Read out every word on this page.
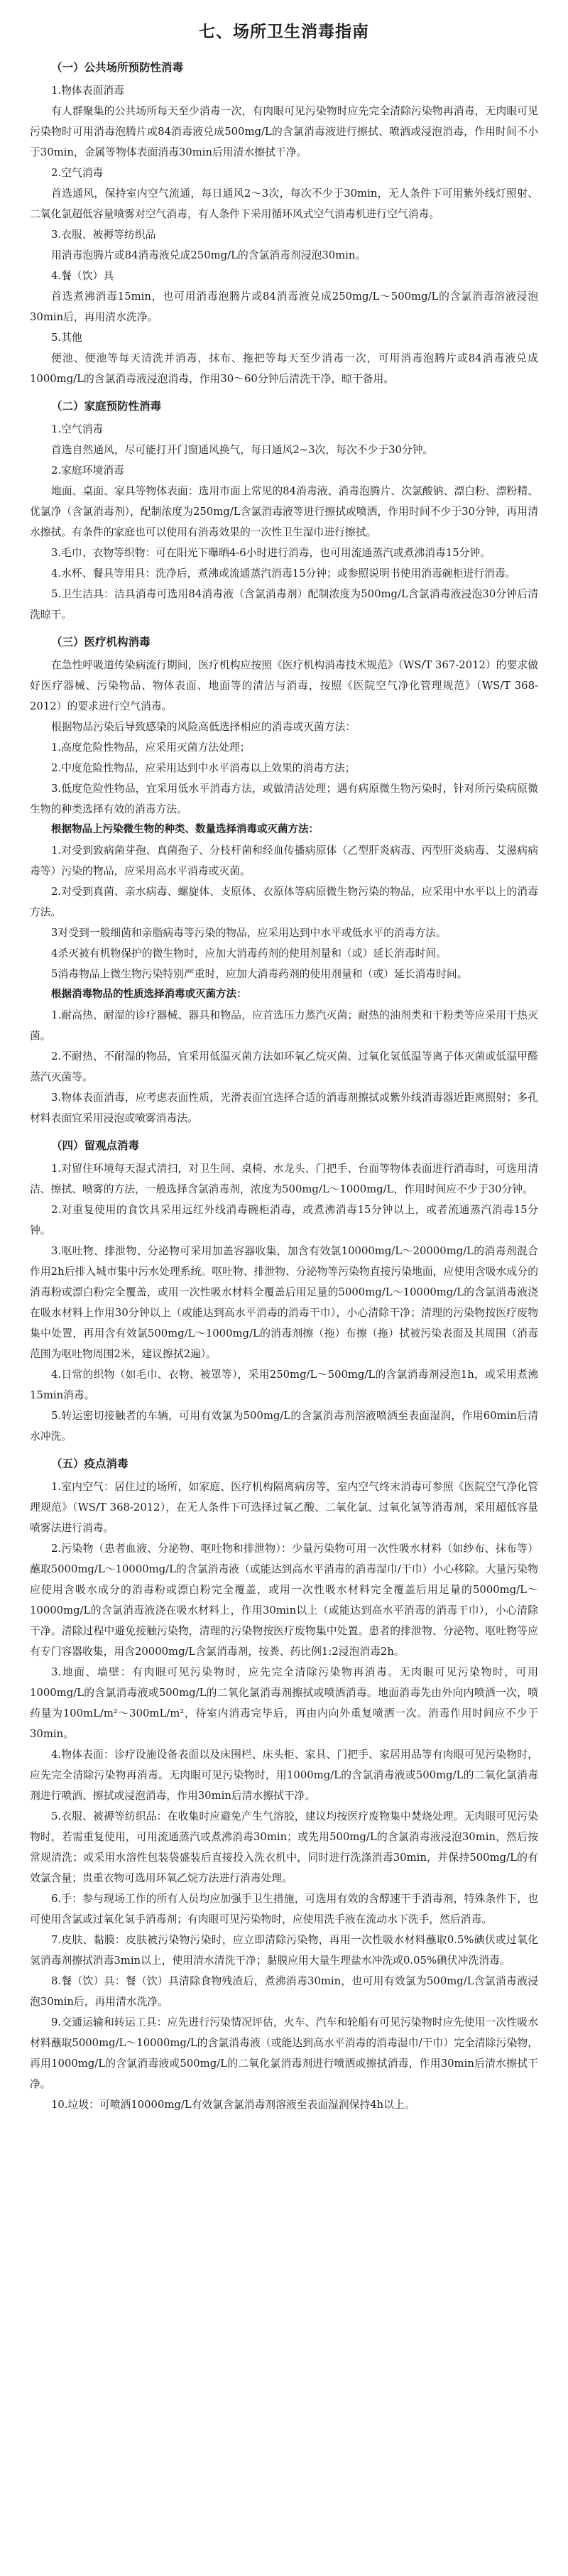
七、场所卫生消毒指南
（一）公共场所预防性消毒

1.物体表面消毒

有人群聚集的公共场所每天至少消毒一次，有肉眼可见污染物时应先完全清除污染物再消毒，无肉眼可见污染物时可用消毒泡腾片或84消毒液兑成500mg/L的含氯消毒液进行擦拭、喷洒或浸泡消毒，作用时间不小于30min，金属等物体表面消毒30min后用清水擦拭干净。

2.空气消毒

首选通风，保持室内空气流通，每日通风2～3次，每次不少于30min，无人条件下可用紫外线灯照射、二氧化氯超低容量喷雾对空气消毒，有人条件下采用循环风式空气消毒机进行空气消毒。

3.衣服、被褥等纺织品

用消毒泡腾片或84消毒液兑成250mg/L的含氯消毒剂浸泡30min。

4.餐（饮）具

首选煮沸消毒15min，也可用消毒泡腾片或84消毒液兑成250mg/L～500mg/L的含氯消毒溶液浸泡30min后，再用清水洗净。

5.其他

便池、便池等每天清洗并消毒，抹布、拖把等每天至少消毒一次，可用消毒泡腾片或84消毒液兑成1000mg/L的含氯消毒液浸泡消毒，作用30～60分钟后清洗干净，晾干备用。

（二）家庭预防性消毒

1.空气消毒

首选自然通风，尽可能打开门窗通风换气，每日通风2~3次，每次不少于30分钟。

2.家庭环境消毒

地面、桌面、家具等物体表面：选用市面上常见的84消毒液、消毒泡腾片、次氯酸钠、漂白粉、漂粉精、优氯净（含氯消毒剂），配制浓度为250mg/L含氯消毒液等进行擦拭或喷洒，作用时间不少于30分钟，再用清水擦拭。有条件的家庭也可以使用有消毒效果的一次性卫生湿巾进行擦拭。

3.毛巾、衣物等织物：可在阳光下曝晒4-6小时进行消毒，也可用流通蒸汽或煮沸消毒15分钟。

4.水杯、餐具等用具：洗净后，煮沸或流通蒸汽消毒15分钟；或参照说明书使用消毒碗柜进行消毒。

5.卫生洁具：洁具消毒可选用84消毒液（含氯消毒剂）配制浓度为500mg/L含氯消毒液浸泡30分钟后清洗晾干。

（三）医疗机构消毒

在急性呼吸道传染病流行期间，医疗机构应按照《医疗机构消毒技术规范》（WS/T 367-2012）的要求做好医疗器械、污染物品、物体表面、地面等的清洁与消毒，按照《医院空气净化管理规范》（WS/T 368-2012）的要求进行空气消毒。

根据物品污染后导致感染的风险高低选择相应的消毒或灭菌方法：

1.高度危险性物品，应采用灭菌方法处理；

2.中度危险性物品，应采用达到中水平消毒以上效果的消毒方法；

3.低度危险性物品，宜采用低水平消毒方法，或做清洁处理；遇有病原微生物污染时，针对所污染病原微生物的种类选择有效的消毒方法。

根据物品上污染微生物的种类、数量选择消毒或灭菌方法：

1.对受到致病菌芽孢、真菌孢子、分枝杆菌和经血传播病原体（乙型肝炎病毒、丙型肝炎病毒、艾滋病病毒等）污染的物品，应采用高水平消毒或灭菌。

2.对受到真菌、亲水病毒、螺旋体、支原体、衣原体等病原微生物污染的物品，应采用中水平以上的消毒方法。

3对受到一般细菌和亲脂病毒等污染的物品，应采用达到中水平或低水平的消毒方法。

4杀灭被有机物保护的微生物时，应加大消毒药剂的使用剂量和（或）延长消毒时间。

5消毒物品上微生物污染特别严重时，应加大消毒药剂的使用剂量和（或）延长消毒时间。

根据消毒物品的性质选择消毒或灭菌方法：

1.耐高热、耐湿的诊疗器械、器具和物品，应首选压力蒸汽灭菌；耐热的油剂类和干粉类等应采用干热灭菌。

2.不耐热、不耐湿的物品，宜采用低温灭菌方法如环氧乙烷灭菌、过氧化氢低温等离子体灭菌或低温甲醛蒸汽灭菌等。

3.物体表面消毒，应考虑表面性质，光滑表面宜选择合适的消毒剂擦拭或紫外线消毒器近距离照射；多孔材料表面宜采用浸泡或喷雾消毒法。

（四）留观点消毒

1.对留住环境每天湿式清扫，对卫生间、桌椅、水龙头、门把手、台面等物体表面进行消毒时，可选用清洁、擦拭、喷雾的方法，一般选择含氯消毒剂，浓度为500mg/L～1000mg/L，作用时间应不少于30分钟。

2.对重复使用的食饮具采用远红外线消毒碗柜消毒，或煮沸消毒15分钟以上，或者流通蒸汽消毒15分钟。

3.呕吐物、排泄物、分泌物可采用加盖容器收集，加含有效氯10000mg/L～20000mg/L的消毒剂混合作用2h后排入城市集中污水处理系统。呕吐物、排泄物、分泌物等污染物直接污染地面，应使用含吸水成分的消毒粉或漂白粉完全覆盖，或用一次性吸水材料全覆盖后用足量的5000mg/L～10000mg/L的含氯消毒液浇在吸水材料上作用30分钟以上（或能达到高水平消毒的消毒干巾），小心清除干净；清理的污染物按医疗废物集中处置，再用含有效氯500mg/L～1000mg/L的消毒剂擦（拖）布擦（拖）拭被污染表面及其周围（消毒范围为呕吐物周围2米，建议擦拭2遍）。

4.日常的织物（如毛巾、衣物、被罩等），采用250mg/L～500mg/L的含氯消毒剂浸泡1h，或采用煮沸15min消毒。

5.转运密切接触者的车辆，可用有效氯为500mg/L的含氯消毒剂溶液喷洒至表面湿润，作用60min后清水冲洗。

（五）疫点消毒

1.室内空气：居住过的场所，如家庭、医疗机构隔离病房等，室内空气终末消毒可参照《医院空气净化管理规范》（WS/T 368-2012），在无人条件下可选择过氧乙酸、二氧化氯、过氧化氢等消毒剂，采用超低容量喷雾法进行消毒。

2.污染物（患者血液、分泌物、呕吐物和排泄物）：少量污染物可用一次性吸水材料（如纱布、抹布等）蘸取5000mg/L～10000mg/L的含氯消毒液（或能达到高水平消毒的消毒湿巾/干巾）小心移除。大量污染物应使用含吸水成分的消毒粉或漂白粉完全覆盖，或用一次性吸水材料完全覆盖后用足量的5000mg/L～10000mg/L的含氯消毒液浇在吸水材料上，作用30min以上（或能达到高水平消毒的消毒干巾），小心清除干净。清除过程中避免接触污染物，清理的污染物按医疗废物集中处置。患者的排泄物、分泌物、呕吐物等应有专门容器收集，用含20000mg/L含氯消毒剂，按粪、药比例1:2浸泡消毒2h。

3.地面、墙壁：有肉眼可见污染物时，应先完全清除污染物再消毒。无肉眼可见污染物时，可用1000mg/L的含氯消毒液或500mg/L的二氧化氯消毒剂擦拭或喷洒消毒。地面消毒先由外向内喷洒一次，喷药量为100mL/m²～300mL/m²，待室内消毒完毕后，再由内向外重复喷洒一次。消毒作用时间应不少于30min。

4.物体表面：诊疗设施设备表面以及床围栏、床头柜、家具、门把手、家居用品等有肉眼可见污染物时，应先完全清除污染物再消毒。无肉眼可见污染物时，用1000mg/L的含氯消毒液或500mg/L的二氧化氯消毒剂进行喷洒、擦拭或浸泡消毒，作用30min后清水擦拭干净。

5.衣服、被褥等纺织品：在收集时应避免产生气溶胶，建议均按医疗废物集中焚烧处理。无肉眼可见污染物时，若需重复使用，可用流通蒸汽或煮沸消毒30min；或先用500mg/L的含氯消毒液浸泡30min，然后按常规清洗；或采用水溶性包装袋盛装后直接投入洗衣机中，同时进行洗涤消毒30min，并保持500mg/L的有效氯含量；贵重衣物可选用环氧乙烷方法进行消毒处理。

6.手：参与现场工作的所有人员均应加强手卫生措施，可选用有效的含醇速干手消毒剂，特殊条件下，也可使用含氯或过氧化氢手消毒剂；有肉眼可见污染物时，应使用洗手液在流动水下洗手，然后消毒。

7.皮肤、黏膜：皮肤被污染物污染时，应立即清除污染物，再用一次性吸水材料蘸取0.5%碘伏或过氧化氢消毒剂擦拭消毒3min以上，使用清水清洗干净；黏膜应用大量生理盐水冲洗或0.05%碘伏冲洗消毒。

8.餐（饮）具：餐（饮）具清除食物残渣后，煮沸消毒30min，也可用有效氯为500mg/L含氯消毒液浸泡30min后，再用清水洗净。

9.交通运输和转运工具：应先进行污染情况评估，火车、汽车和轮船有可见污染物时应先使用一次性吸水材料蘸取5000mg/L～10000mg/L的含氯消毒液（或能达到高水平消毒的消毒湿巾/干巾）完全清除污染物，再用1000mg/L的含氯消毒液或500mg/L的二氧化氯消毒剂进行喷洒或擦拭消毒，作用30min后清水擦拭干净。

10.垃圾：可喷洒10000mg/L有效氯含氯消毒剂溶液至表面湿润保持4h以上。
